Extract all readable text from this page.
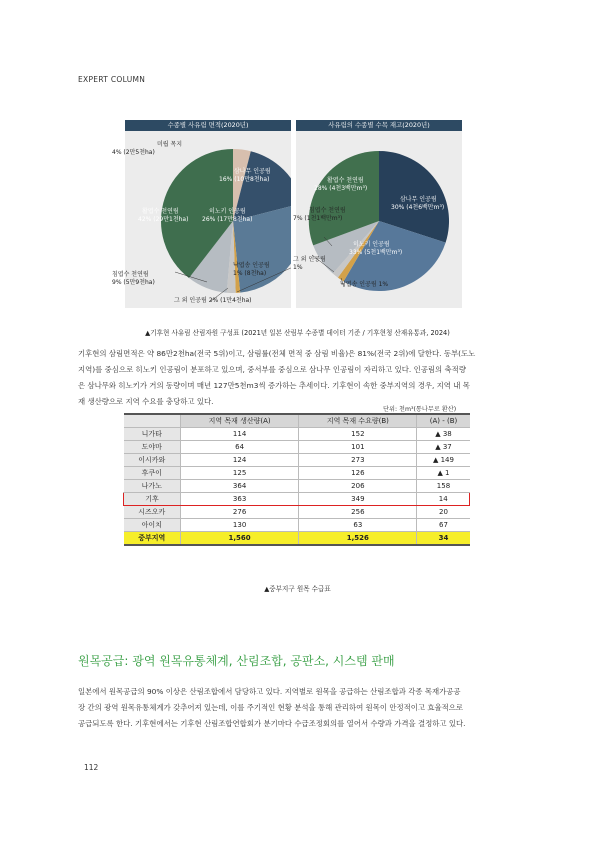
EXPERT COLUMN
수종별 사유림 면적(2020년)
미립 목지
4% (2만5천ha)
삼나무 인공림
16% (10만8천ha)
히노키 인공림
26% (17만8천ha)
활엽수 천연림
42% (29만1천ha)
낙엽송 인공림
1% (8천ha)
침엽수 천연림
9% (5만9천ha)
그 외 인공림 2% (1만4천ha)
사유림의 수종별 수목 재고(2020년)
활엽수 천연림
28% (4천3백만m³)
삼나무 인공림
30% (4천6백만m³)
침엽수 천연림
7% (1천1백만m³)
히노키 인공림
33% (5천1백만m³)
그 외 인공림
1%
낙엽송 인공림 1%
▲기후현 사유림 산림자원 구성표 (2021년 일본 산림부 수종별 데이터 기준 / 기후현청 산재유통과, 2024)
기후현의 삼림면적은 약 86만2천ha(전국 5위)이고, 삼림률(전체 면적 중 삼림 비율)은 81%(전국 2위)에 달한다. 동부(도노
지역)를 중심으로 히노키 인공림이 분포하고 있으며, 중서부를 중심으로 삼나무 인공림이 자리하고 있다. 인공림의 축적량
은 삼나무와 히노키가 거의 동량이며 매년 127만5천m3씩 증가하는 추세이다. 기후현이 속한 중부지역의 경우, 지역 내 목
재 생산량으로 지역 수요를 충당하고 있다.
단위: 천m³(통나무로 환산)
	지역 목재 생산량(A)	지역 목재 수요량(B)	(A) - (B)
니가타	114	152	▲ 38
도야마	64	101	▲ 37
이시카와	124	273	▲ 149
후쿠이	125	126	▲ 1
나가노	364	206	158
기후	363	349	14
시즈오카	276	256	20
아이치	130	63	67
중부지역	1,560	1,526	34
▲중부지구 원목 수급표
원목공급: 광역 원목유통체계, 산림조합, 공판소, 시스템 판매
일본에서 원목공급의 90% 이상은 산림조합에서 담당하고 있다. 지역별로 원목을 공급하는 산림조합과 각종 목재가공공
장 간의 광역 원목유통체계가 갖추어져 있는데, 이를 주기적인 현황 분석을 통해 관리하여 원목이 안정적이고 효율적으로
공급되도록 한다. 기후현에서는 기후현 산림조합연합회가 분기마다 수급조정회의를 열어서 수량과 가격을 결정하고 있다.
112
